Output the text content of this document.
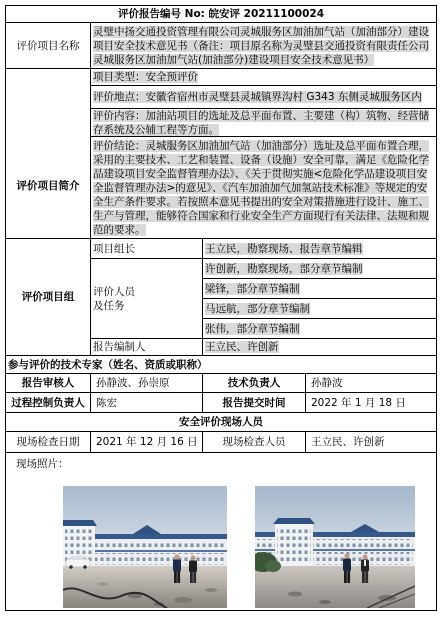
评价报告编号 No: 皖安评 20211100024			
评价项目名称	灵璧中扬交通投资管理有限公司灵城服务区加油加气站（加油部分）建设项目安全技术意见书（备注：项目原名称为灵璧县交通投资有限责任公司灵城服务区加油加气站(加油部分)建设项目安全技术意见书）		

评价项目简介	项目类型：安全预评价		
	评价地点：安徽省宿州市灵璧县灵城镇界沟村 G343 东侧灵城服务区内		

	评价内容：加油站项目的选址及总平面布置、主要建（构）筑物、经营储存系统及公辅工程等方面。		

	评价结论：灵城服务区加油加气站（加油部分）选址及总平面布置合理，采用的主要技术、工艺和装置、设备（设施）安全可靠，满足《危险化学品建设项目安全监督管理办法》、《关于贯彻实施<危险化学品建设项目安全监督管理办法>的意见》、《汽车加油加气加氢站技术标准》等规定的安全生产条件要求。若按照本意见书提出的安全对策措施进行设计、施工、生产与管理，能够符合国家和行业安全生产方面现行有关法律、法规和规范的要求。		

评价项目组	项目组长	王立民，勘察现场、报告章节编辑	
	评价人员及任务	许创新，勘察现场，部分章节编制	
		梁锋，部分章节编制	
		马远航，部分章节编制	
		张伟，部分章节编制	
	报告编制人	王立民、许创新	
参与评价的技术专家（姓名、资质或职称）			
报告审核人	孙静波、孙崇原	技术负责人	孙静波
过程控制负责人	陈宏	报告提交时间	2022 年 1 月 18 日
安全评价现场人员			
现场检查日期	2021 年 12 月 16 日	现场检查人员	王立民、许创新

现场照片：			
